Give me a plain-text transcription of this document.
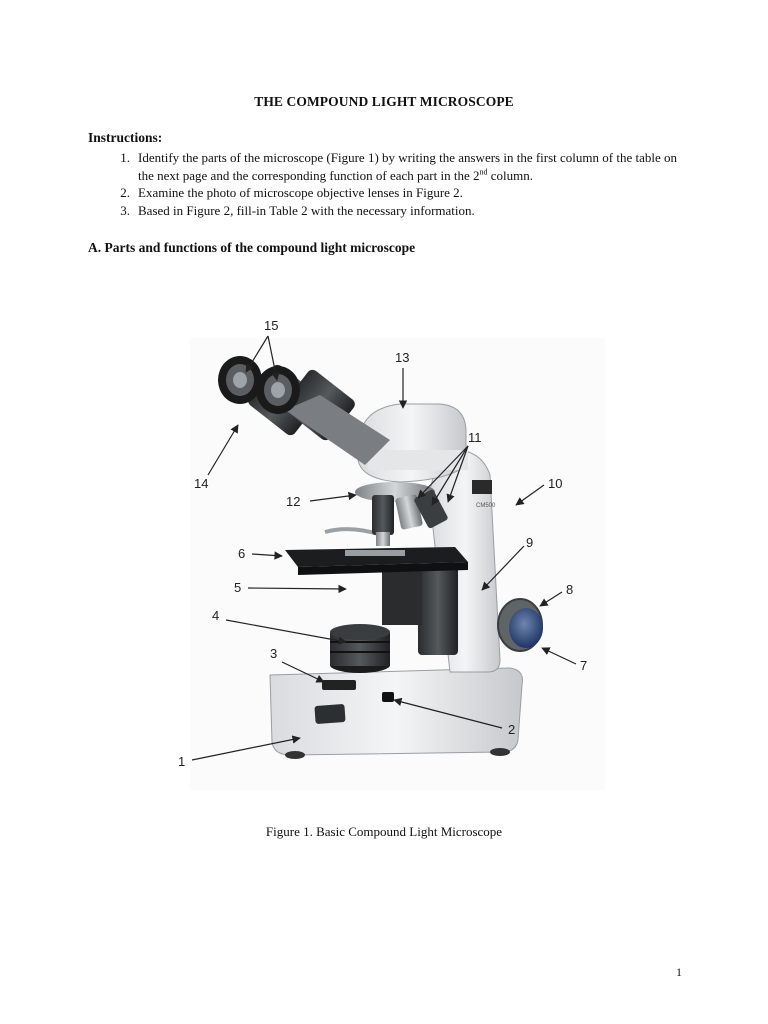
THE COMPOUND LIGHT MICROSCOPE
Instructions:
1. Identify the parts of the microscope (Figure 1) by writing the answers in the first column of the table on the next page and the corresponding function of each part in the 2nd column.
2. Examine the photo of microscope objective lenses in Figure 2.
3. Based in Figure 2, fill-in Table 2 with the necessary information.
A. Parts and functions of the compound light microscope
CM500
15
13
11
14
12
10
9
6
5	8
4
3
7
2
1
Figure 1. Basic Compound Light Microscope
1
